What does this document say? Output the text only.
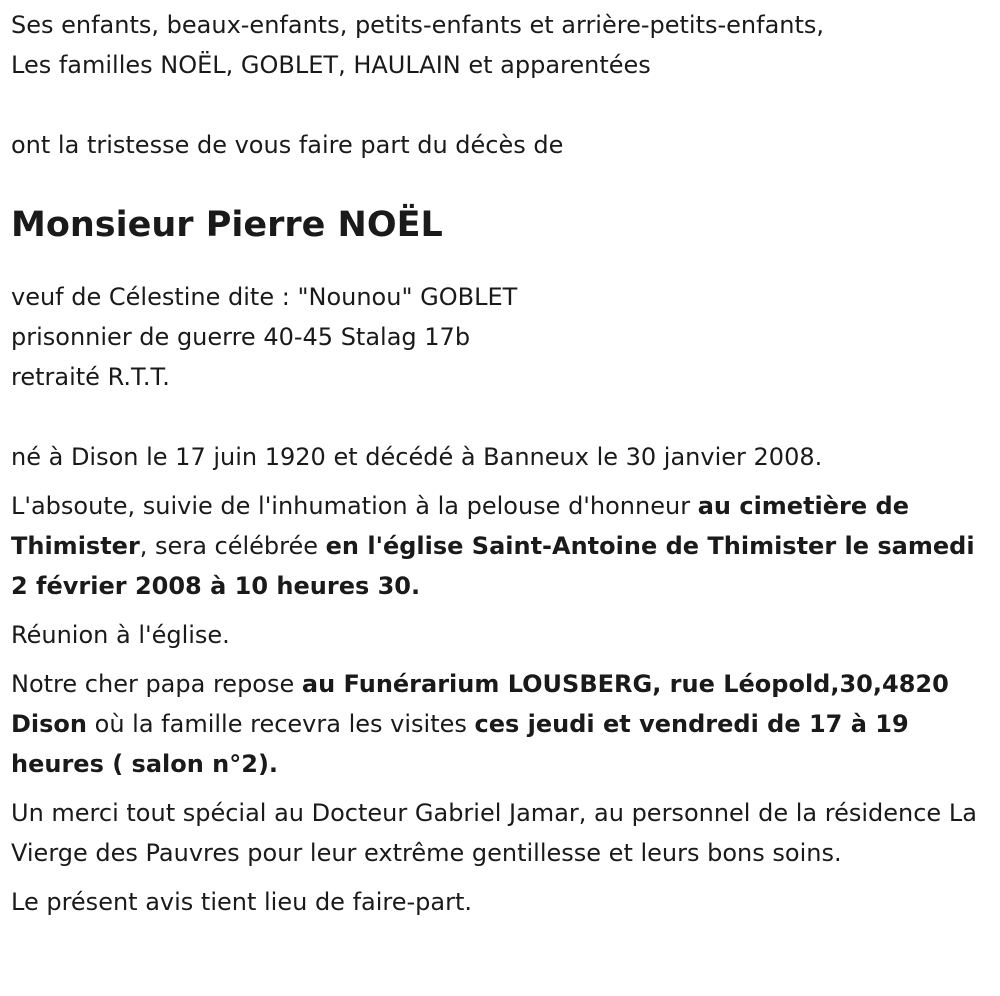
Ses enfants, beaux-enfants, petits-enfants et arrière-petits-enfants,

Les familles NOËL, GOBLET, HAULAIN et apparentées

ont la tristesse de vous faire part du décès de

Monsieur Pierre NOËL

veuf de Célestine dite : "Nounou" GOBLET

prisonnier de guerre 40-45 Stalag 17b

retraité R.T.T.

né à Dison le 17 juin 1920 et décédé à Banneux le 30 janvier 2008.

L'absoute, suivie de l'inhumation à la pelouse d'honneur au cimetière de Thimister, sera célébrée en l'église Saint-Antoine de Thimister le samedi 2 février 2008 à 10 heures 30.

Réunion à l'église.

Notre cher papa repose au Funérarium LOUSBERG, rue Léopold,30,4820 Dison où la famille recevra les visites ces jeudi et vendredi de 17 à 19 heures ( salon n°2).

Un merci tout spécial au Docteur Gabriel Jamar, au personnel de la résidence La Vierge des Pauvres pour leur extrême gentillesse et leurs bons soins.

Le présent avis tient lieu de faire-part.
